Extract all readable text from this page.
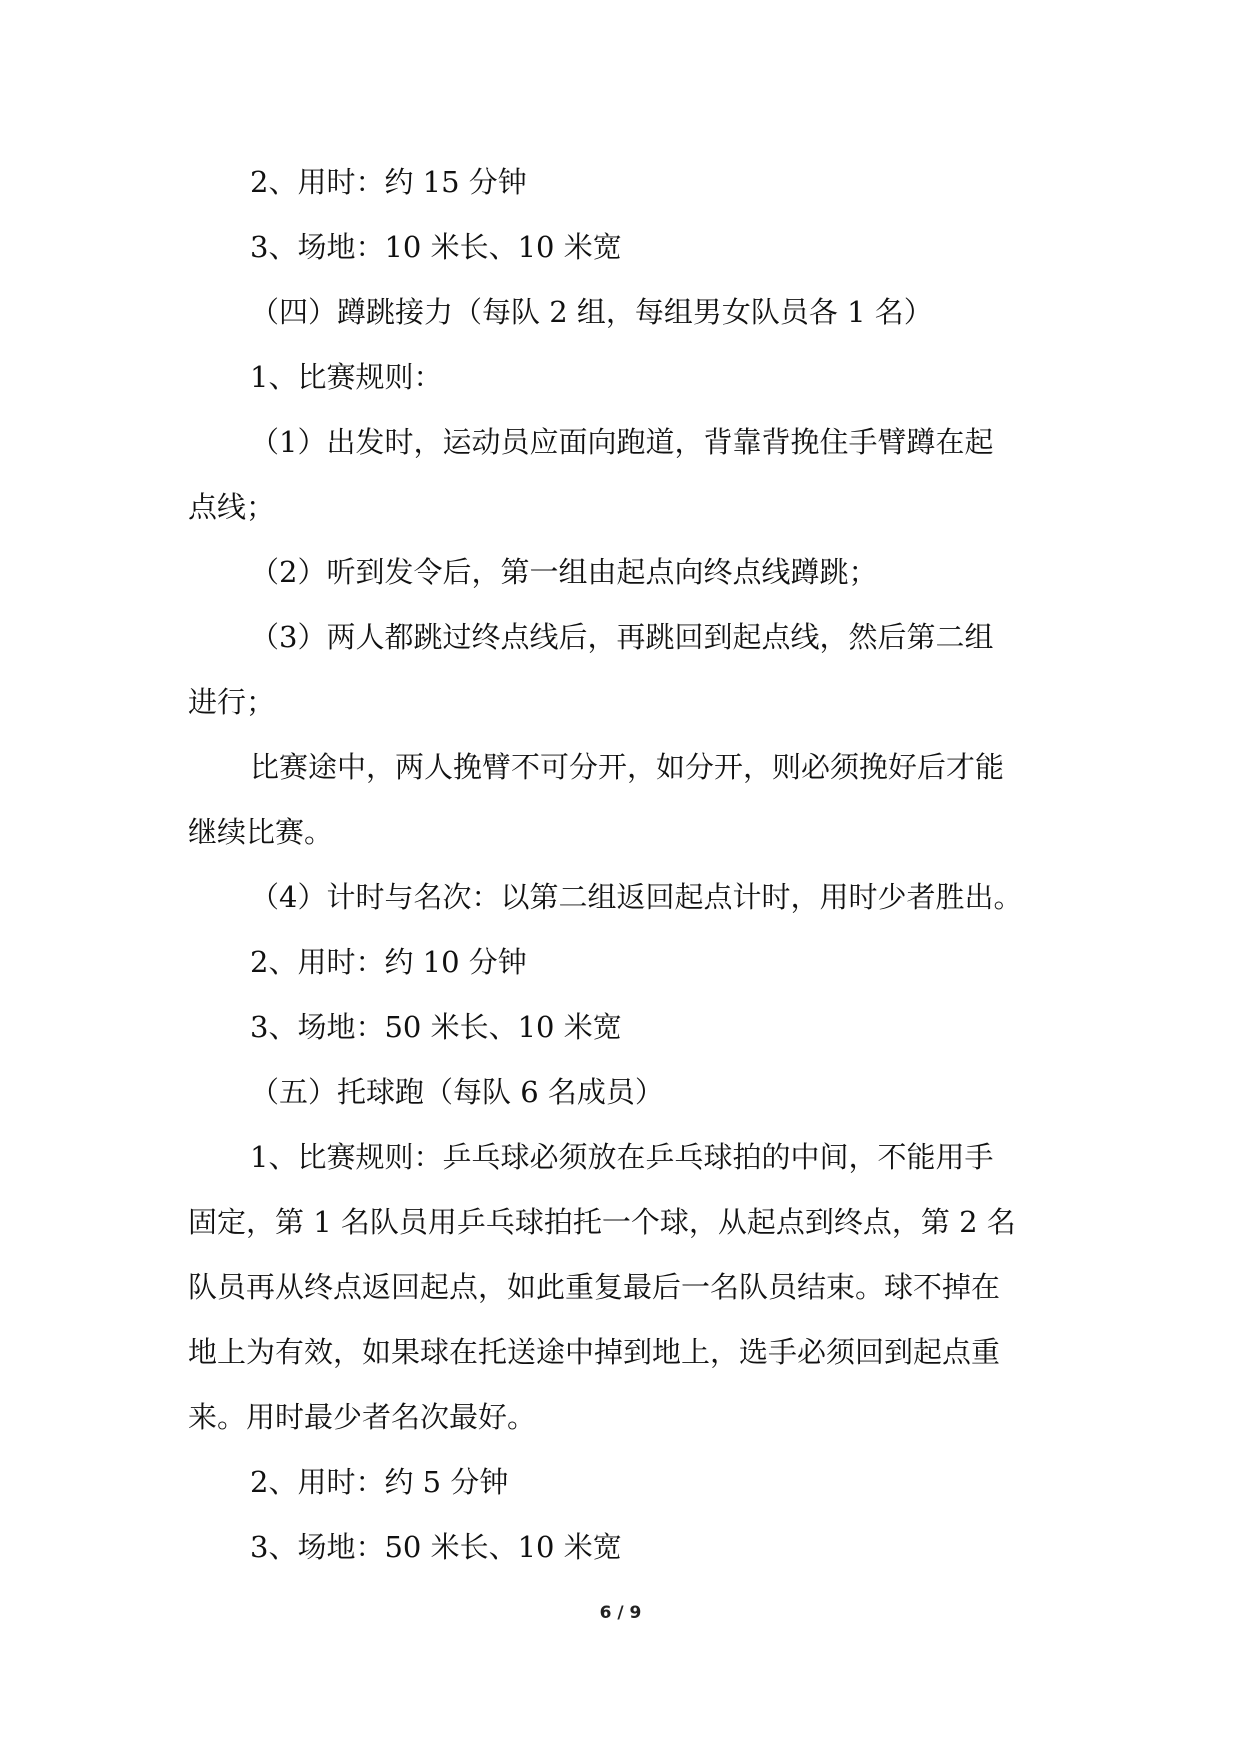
2、用时：约 15 分钟

3、场地：10 米长、10 米宽

（四）蹲跳接力（每队 2 组，每组男女队员各 1 名）

1、比赛规则：

（1）出发时，运动员应面向跑道，背靠背挽住手臂蹲在起

点线；

（2）听到发令后，第一组由起点向终点线蹲跳；

（3）两人都跳过终点线后，再跳回到起点线，然后第二组

进行；

比赛途中，两人挽臂不可分开，如分开，则必须挽好后才能

继续比赛。

（4）计时与名次：以第二组返回起点计时，用时少者胜出。

2、用时：约 10 分钟

3、场地：50 米长、10 米宽

（五）托球跑（每队 6 名成员）

1、比赛规则：乒乓球必须放在乒乓球拍的中间，不能用手

固定，第 1 名队员用乒乓球拍托一个球，从起点到终点，第 2 名

队员再从终点返回起点，如此重复最后一名队员结束。球不掉在

地上为有效，如果球在托送途中掉到地上，选手必须回到起点重

来。用时最少者名次最好。

2、用时：约 5 分钟

3、场地：50 米长、10 米宽

6 / 9
